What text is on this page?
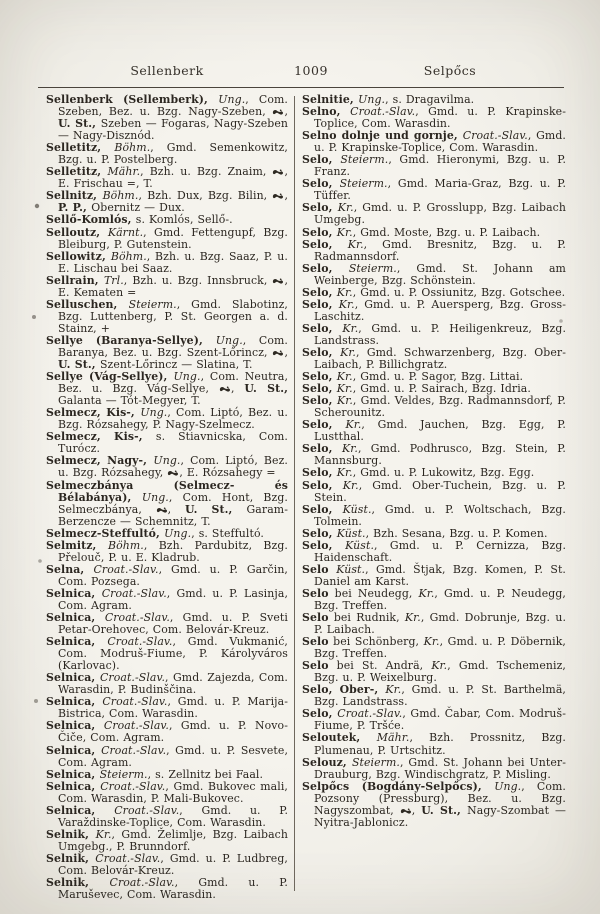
Sellenberk	1009	Selpőcs

Sellenberk (Sellemberk), Ung., Com. Szeben, Bez. u. Bzg. Nagy-Szeben, , U. St., Szeben — Fogaras, Nagy-Szeben — Nagy-Disznód.

Selletitz, Böhm., Gmd. Semenkowitz, Bzg. u. P. Postelberg.

Selletitz, Mähr., Bzh. u. Bzg. Znaim, , E. Frischau =, T.

Sellnitz, Böhm., Bzh. Dux, Bzg. Bilin, , P. P., Obernitz — Dux.

Sellő-Komlós, s. Komlós, Sellő-.

Selloutz, Kärnt., Gmd. Fettengupf, Bzg. Bleiburg, P. Gutenstein.

Sellowitz, Böhm., Bzh. u. Bzg. Saaz, P. u. E. Lischau bei Saaz.

Sellrain, Trl., Bzh. u. Bzg. Innsbruck, , E. Kematen =

Selluschen, Steierm., Gmd. Slabotinz, Bzg. Luttenberg, P. St. Georgen a. d. Stainz, +

Sellye (Baranya-Sellye), Ung., Com. Baranya, Bez. u. Bzg. Szent-Lőrincz, , U. St., Szent-Lőrincz — Slatina, T.

Sellye (Vág-Sellye), Ung., Com. Neutra, Bez. u. Bzg. Vág-Sellye, , U. St., Galanta — Tót-Megyer, T.

Selmecz, Kis-, Ung., Com. Liptó, Bez. u. Bzg. Rózsahegy, P. Nagy-Szelmecz.

Selmecz, Kis-, s. Stiavnicska, Com. Turócz.

Selmecz, Nagy-, Ung., Com. Liptó, Bez. u. Bzg. Rózsahegy, , E. Rózsahegy =

Selmeczbánya (Selmecz- és Bélabánya), Ung., Com. Hont, Bzg. Selmeczbánya, , U. St., Garam-Berzencze — Schemnitz, T.

Selmecz-Steffultó, Ung., s. Steffultó.

Selmitz, Böhm., Bzh. Pardubitz, Bzg. Přelouč, P. u. E. Kladrub.

Selna, Croat.-Slav., Gmd. u. P. Garčin, Com. Pozsega.

Selnica, Croat.-Slav., Gmd. u. P. Lasinja, Com. Agram.

Selnica, Croat.-Slav., Gmd. u. P. Sveti Petar-Orehovec, Com. Belovár-Kreuz.

Selnica, Croat.-Slav., Gmd. Vukmanić, Com. Modruš-Fiume, P. Károlyváros (Karlovac).

Selnica, Croat.-Slav., Gmd. Zajezda, Com. Warasdin, P. Budinščina.

Selnica, Croat.-Slav., Gmd. u. P. Marija-Bistrica, Com. Warasdin.

Selnica, Croat.-Slav., Gmd. u. P. Novo-Čiče, Com. Agram.

Selnica, Croat.-Slav., Gmd. u. P. Sesvete, Com. Agram.

Selnica, Steierm., s. Zellnitz bei Faal.

Selnica, Croat.-Slav., Gmd. Bukovec mali, Com. Warasdin, P. Mali-Bukovec.

Selnica, Croat.-Slav., Gmd. u. P. Varaždinske-Toplice, Com. Warasdin.

Selnik, Kr., Gmd. Želimlje, Bzg. Laibach Umgebg., P. Brunndorf.

Selnik, Croat.-Slav., Gmd. u. P. Ludbreg, Com. Belovár-Kreuz.

Selnik, Croat.-Slav., Gmd. u. P. Maruševec, Com. Warasdin.

Selnitie, Ung., s. Dragavilma.

Selno, Croat.-Slav., Gmd. u. P. Krapinske-Toplice, Com. Warasdin.

Selno dolnje und gornje, Croat.-Slav., Gmd. u. P. Krapinske-Toplice, Com. Warasdin.

Selo, Steierm., Gmd. Hieronymi, Bzg. u. P. Franz.

Selo, Steierm., Gmd. Maria-Graz, Bzg. u. P. Tüffer.

Selo, Kr., Gmd. u. P. Grosslupp, Bzg. Laibach Umgebg.

Selo, Kr., Gmd. Moste, Bzg. u. P. Laibach.

Selo, Kr., Gmd. Bresnitz, Bzg. u. P. Radmannsdorf.

Selo, Steierm., Gmd. St. Johann am Weinberge, Bzg. Schönstein.

Selo, Kr., Gmd. u. P. Ossiunitz, Bzg. Gotschee.

Selo, Kr., Gmd. u. P. Auersperg, Bzg. Gross-Laschitz.

Selo, Kr., Gmd. u. P. Heiligenkreuz, Bzg. Landstrass.

Selo, Kr., Gmd. Schwarzenberg, Bzg. Ober-Laibach, P. Billichgratz.

Selo, Kr., Gmd. u. P. Sagor, Bzg. Littai.

Selo, Kr., Gmd. u. P. Sairach, Bzg. Idria.

Selo, Kr., Gmd. Veldes, Bzg. Radmannsdorf, P. Scherounitz.

Selo, Kr., Gmd. Jauchen, Bzg. Egg, P. Lustthal.

Selo, Kr., Gmd. Podhrusco, Bzg. Stein, P. Mannsburg.

Selo, Kr., Gmd. u. P. Lukowitz, Bzg. Egg.

Selo, Kr., Gmd. Ober-Tuchein, Bzg. u. P. Stein.

Selo, Küst., Gmd. u. P. Woltschach, Bzg. Tolmein.

Selo, Küst., Bzh. Sesana, Bzg. u. P. Komen.

Selo, Küst., Gmd. u. P. Cernizza, Bzg. Haidenschaft.

Selo Küst., Gmd. Štjak, Bzg. Komen, P. St. Daniel am Karst.

Selo bei Neudegg, Kr., Gmd. u. P. Neudegg, Bzg. Treffen.

Selo bei Rudnik, Kr., Gmd. Dobrunje, Bzg. u. P. Laibach.

Selo bei Schönberg, Kr., Gmd. u. P. Döbernik, Bzg. Treffen.

Selo bei St. Andrä, Kr., Gmd. Tschemeniz, Bzg. u. P. Weixelburg.

Selo, Ober-, Kr., Gmd. u. P. St. Barthelmä, Bzg. Landstrass.

Selo, Croat.-Slav., Gmd. Čabar, Com. Modruš-Fiume, P. Tršće.

Seloutek, Mähr., Bzh. Prossnitz, Bzg. Plumenau, P. Urtschitz.

Selouz, Steierm., Gmd. St. Johann bei Unter-Drauburg, Bzg. Windischgratz, P. Misling.

Selpőcs (Bogdány-Selpőcs), Ung., Com. Pozsony (Pressburg), Bez. u. Bzg. Nagyszombat, , U. St., Nagy-Szombat — Nyitra-Jablonicz.
